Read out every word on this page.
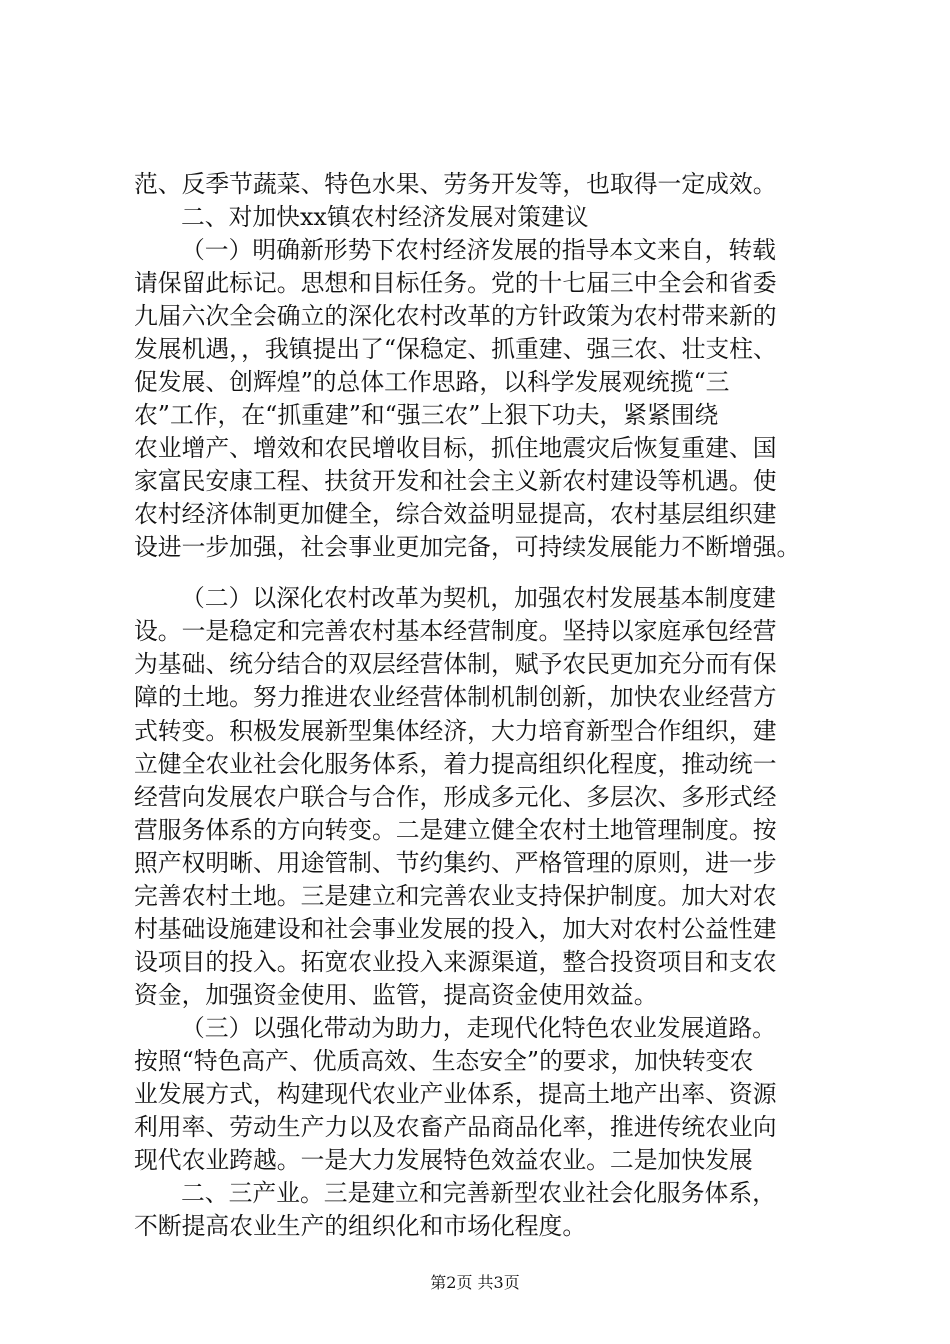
范、反季节蔬菜、特色水果、劳务开发等，也取得一定成效。
二、对加快xx镇农村经济发展对策建议
（一）明确新形势下农村经济发展的指导本文来自，转载
请保留此标记。思想和目标任务。党的十七届三中全会和省委
九届六次全会确立的深化农村改革的方针政策为农村带来新的
发展机遇，，我镇提出了“保稳定、抓重建、强三农、壮支柱、
促发展、创辉煌”的总体工作思路，以科学发展观统揽“三
农”工作，在“抓重建”和“强三农”上狠下功夫，紧紧围绕
农业增产、增效和农民增收目标，抓住地震灾后恢复重建、国
家富民安康工程、扶贫开发和社会主义新农村建设等机遇。使
农村经济体制更加健全，综合效益明显提高，农村基层组织建
设进一步加强，社会事业更加完备，可持续发展能力不断增强。
（二）以深化农村改革为契机，加强农村发展基本制度建
设。一是稳定和完善农村基本经营制度。坚持以家庭承包经营
为基础、统分结合的双层经营体制，赋予农民更加充分而有保
障的土地。努力推进农业经营体制机制创新，加快农业经营方
式转变。积极发展新型集体经济，大力培育新型合作组织，建
立健全农业社会化服务体系，着力提高组织化程度，推动统一
经营向发展农户联合与合作，形成多元化、多层次、多形式经
营服务体系的方向转变。二是建立健全农村土地管理制度。按
照产权明晰、用途管制、节约集约、严格管理的原则，进一步
完善农村土地。三是建立和完善农业支持保护制度。加大对农
村基础设施建设和社会事业发展的投入，加大对农村公益性建
设项目的投入。拓宽农业投入来源渠道，整合投资项目和支农
资金，加强资金使用、监管，提高资金使用效益。
（三）以强化带动为助力，走现代化特色农业发展道路。
按照“特色高产、优质高效、生态安全”的要求，加快转变农
业发展方式，构建现代农业产业体系，提高土地产出率、资源
利用率、劳动生产力以及农畜产品商品化率，推进传统农业向
现代农业跨越。一是大力发展特色效益农业。二是加快发展
二、三产业。三是建立和完善新型农业社会化服务体系，
不断提高农业生产的组织化和市场化程度。
第2页 共3页
